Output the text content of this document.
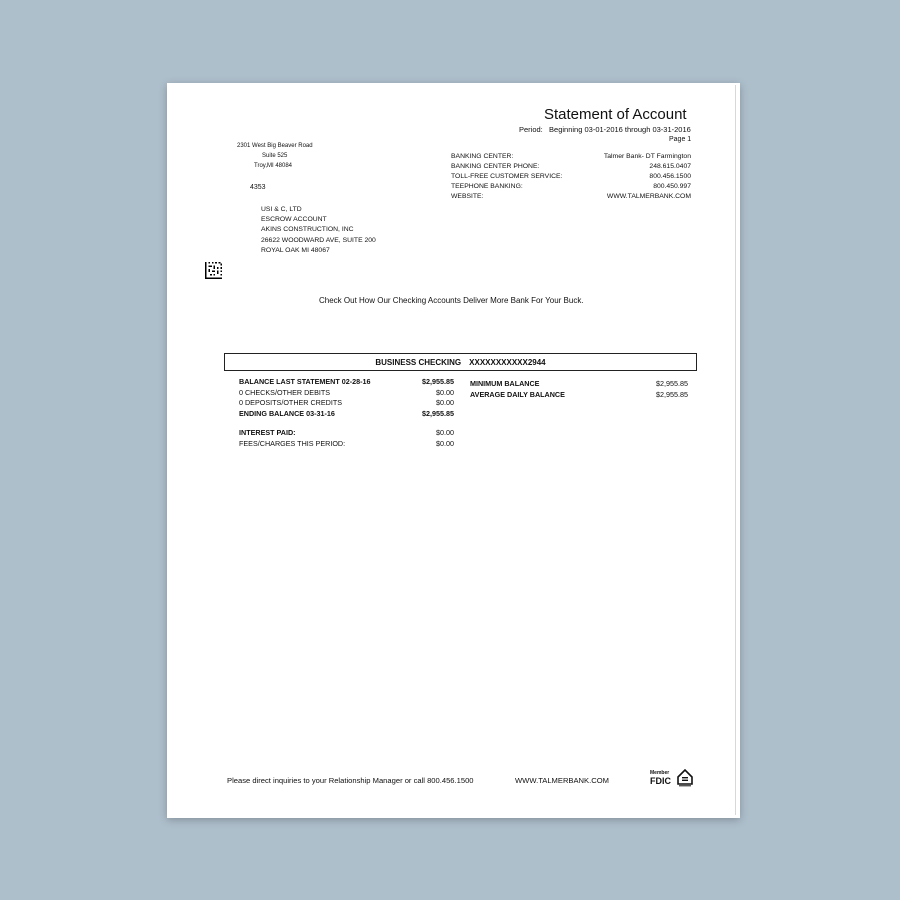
Statement of Account
Period: Beginning 03-01-2016 through 03-31-2016
Page 1
2301 West Big Beaver Road
Suite 525
Troy,MI 48084
4353
USI & C, LTD
ESCROW ACCOUNT
AKINS CONSTRUCTION, INC
26622 WOODWARD AVE, SUITE 200
ROYAL OAK MI 48067
BANKING CENTER:	Talmer Bank- DT Farmington
BANKING CENTER PHONE:	248.615.0407
TOLL-FREE CUSTOMER SERVICE:	800.456.1500
TEEPHONE BANKING:	800.450.997
WEBSITE:	WWW.TALMERBANK.COM
Check Out How Our Checking Accounts Deliver More Bank For Your Buck.
BUSINESS CHECKING XXXXXXXXXXX2944
BALANCE LAST STATEMENT 02-28-16	$2,955.85
0 CHECKS/OTHER DEBITS	$0.00
0 DEPOSITS/OTHER CREDITS	$0.00
ENDING BALANCE 03-31-16	$2,955.85
INTEREST PAID:	$0.00
FEES/CHARGES THIS PERIOD:	$0.00
MINIMUM BALANCE	$2,955.85
AVERAGE DAILY BALANCE	$2,955.85
Please direct inquiries to your Relationship Manager or call 800.456.1500	WWW.TALMERBANK.COM
Member
FDIC
